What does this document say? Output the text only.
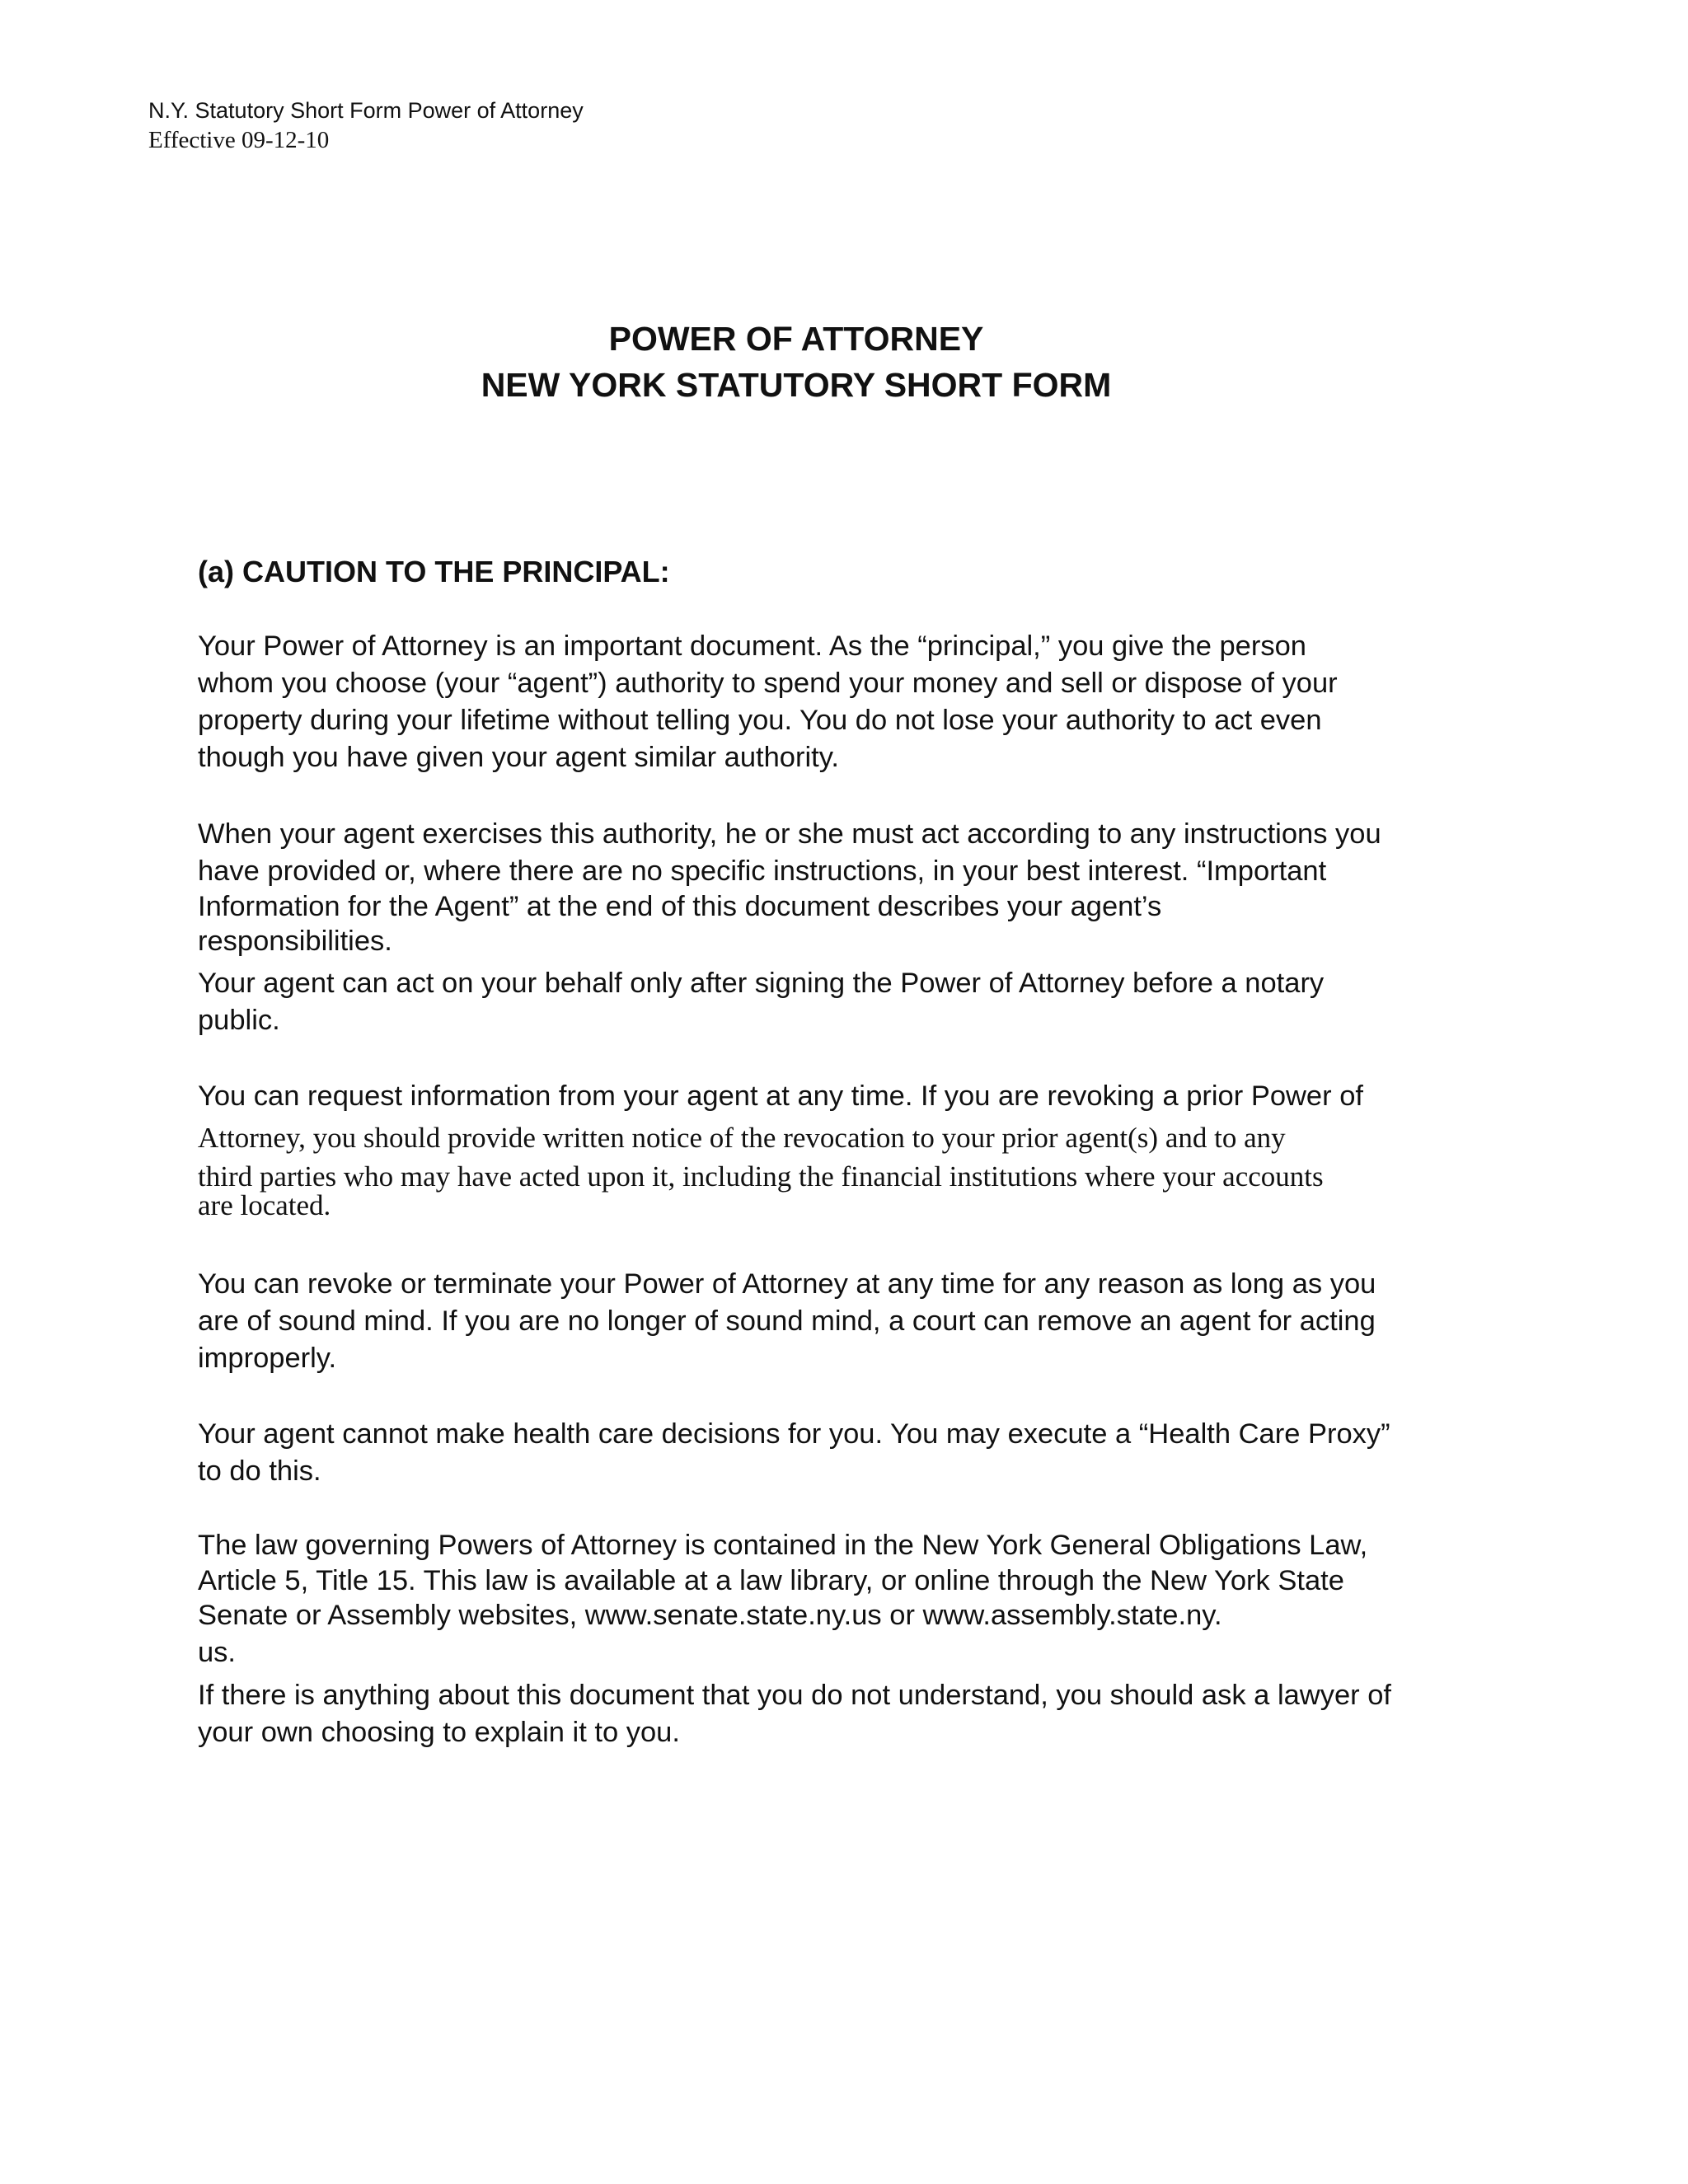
N.Y. Statutory Short Form Power of Attorney
Effective 09-12-10
POWER OF ATTORNEY
NEW YORK STATUTORY SHORT FORM
(a) CAUTION TO THE PRINCIPAL:
Your Power of Attorney is an important document. As the “principal,” you give the person
whom you choose (your “agent”) authority to spend your money and sell or dispose of your
property during your lifetime without telling you. You do not lose your authority to act even
though you have given your agent similar authority.
When your agent exercises this authority, he or she must act according to any instructions you
have provided or, where there are no specific instructions, in your best interest. “Important
Information for the Agent” at the end of this document describes your agent’s
responsibilities.
Your agent can act on your behalf only after signing the Power of Attorney before a notary
public.
You can request information from your agent at any time. If you are revoking a prior Power of
Attorney, you should provide written notice of the revocation to your prior agent(s) and to any
third parties who may have acted upon it, including the financial institutions where your accounts
are located.
You can revoke or terminate your Power of Attorney at any time for any reason as long as you
are of sound mind. If you are no longer of sound mind, a court can remove an agent for acting
improperly.
Your agent cannot make health care decisions for you. You may execute a “Health Care Proxy”
to do this.
The law governing Powers of Attorney is contained in the New York General Obligations Law,
Article 5, Title 15. This law is available at a law library, or online through the New York State
Senate or Assembly websites, www.senate.state.ny.us or www.assembly.state.ny.
us.
If there is anything about this document that you do not understand, you should ask a lawyer of
your own choosing to explain it to you.
